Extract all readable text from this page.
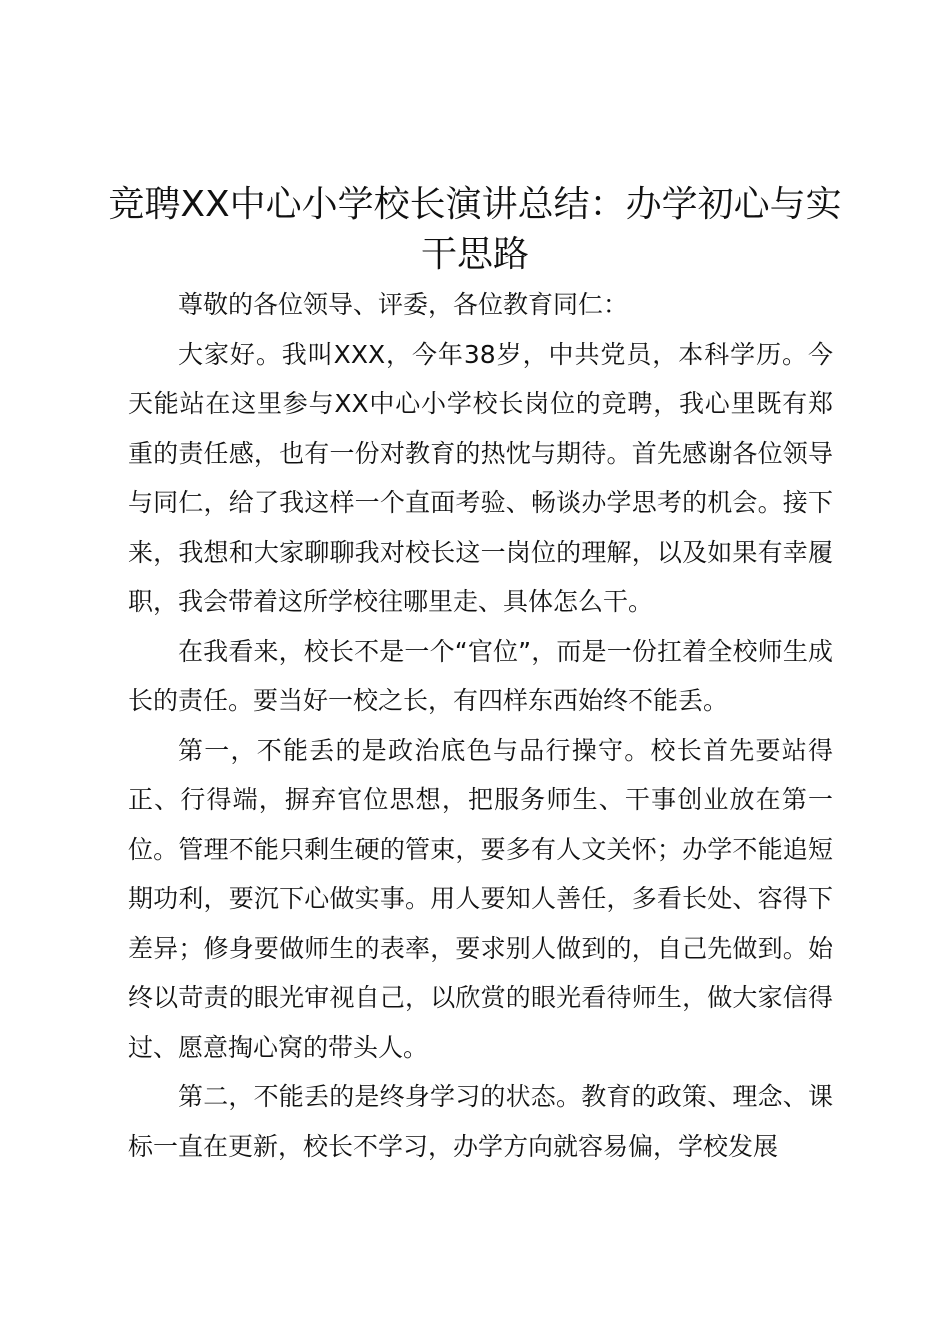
竞聘XX中心小学校长演讲总结：办学初心与实干思路

尊敬的各位领导、评委，各位教育同仁：

大家好。我叫XXX，今年38岁，中共党员，本科学历。今天能站在这里参与XX中心小学校长岗位的竞聘，我心里既有郑重的责任感，也有一份对教育的热忱与期待。首先感谢各位领导与同仁，给了我这样一个直面考验、畅谈办学思考的机会。接下来，我想和大家聊聊我对校长这一岗位的理解，以及如果有幸履职，我会带着这所学校往哪里走、具体怎么干。

在我看来，校长不是一个“官位”，而是一份扛着全校师生成长的责任。要当好一校之长，有四样东西始终不能丢。

第一，不能丢的是政治底色与品行操守。校长首先要站得正、行得端，摒弃官位思想，把服务师生、干事创业放在第一位。管理不能只剩生硬的管束，要多有人文关怀；办学不能追短期功利，要沉下心做实事。用人要知人善任，多看长处、容得下差异；修身要做师生的表率，要求别人做到的，自己先做到。始终以苛责的眼光审视自己，以欣赏的眼光看待师生，做大家信得过、愿意掏心窝的带头人。

第二，不能丢的是终身学习的状态。教育的政策、理念、课标一直在更新，校长不学习，办学方向就容易偏，学校发展
